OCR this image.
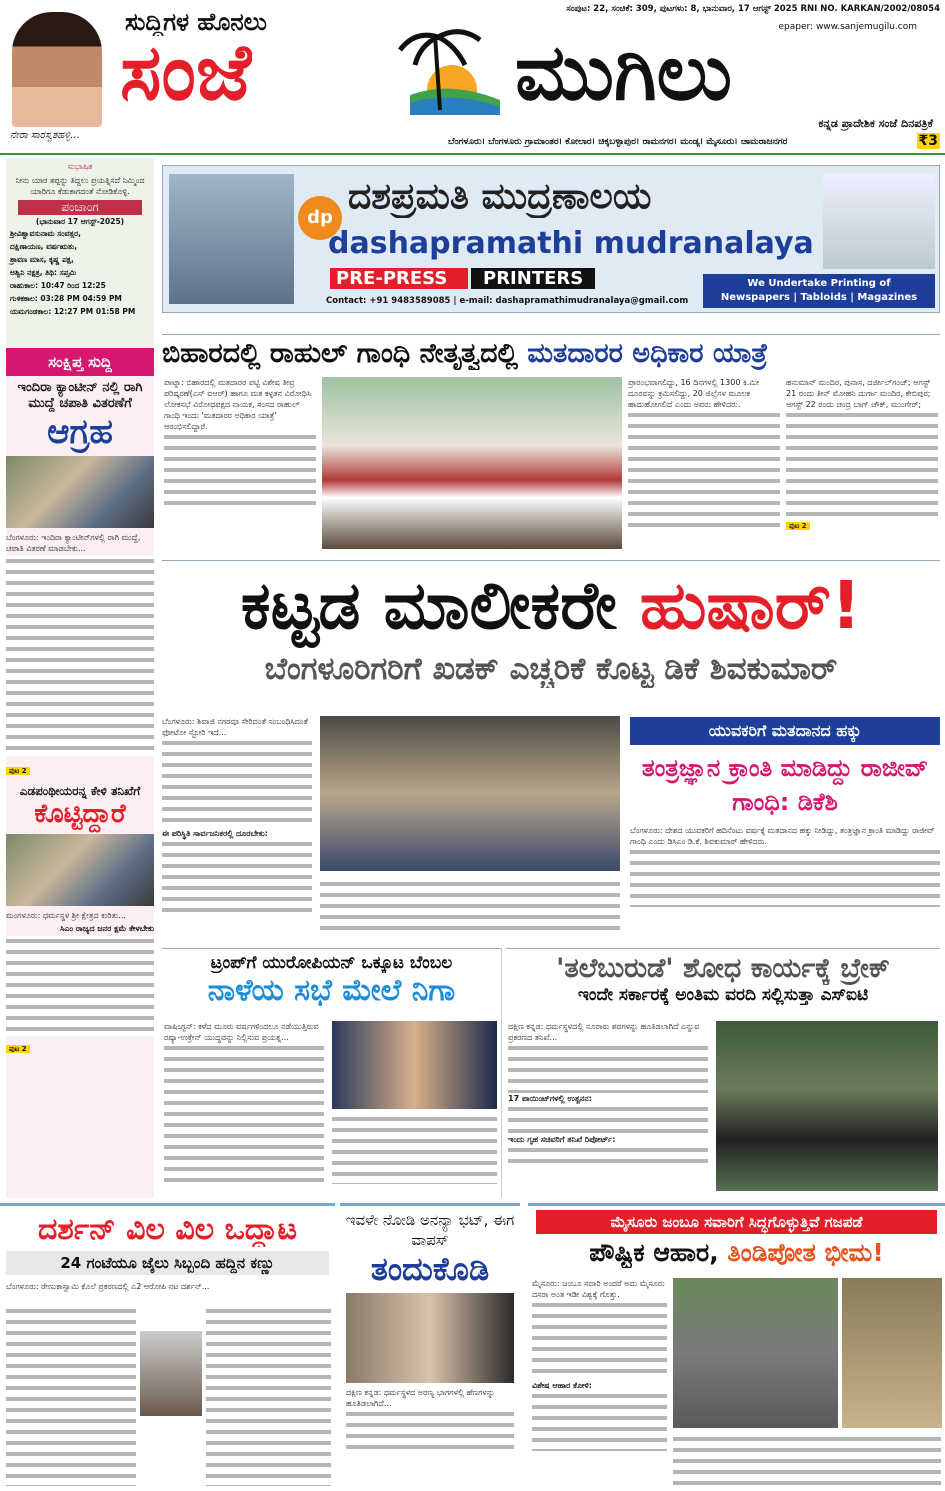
ನೇರಾ ಸಾರಸ್ವತಹಳ್ಳಿ...
ಸುದ್ದಿಗಳ ಹೊನಲು
ಸಂಜೆ	ಮುಗಿಲು
ಸಂಪುಟ: 22, ಸಂಚಿಕೆ: 309, ಪುಟಗಳು: 8, ಭಾನುವಾರ, 17 ಆಗಸ್ಟ್ 2025 RNI NO. KARKAN/2002/08054
epaper: www.sanjemugilu.com
ಕನ್ನಡ ಪ್ರಾದೇಶಿಕ ಸಂಜೆ ದಿನಪತ್ರಿಕೆ
ಬೆಂಗಳೂರು। ಬೆಂಗಳೂರು ಗ್ರಾಮಾಂತರ। ಕೋಲಾರ। ಚಿಕ್ಕಬಳ್ಳಾಪುರ। ರಾಮನಗರ। ಮಂಡ್ಯ। ಮೈಸೂರು। ಚಾಮರಾಜನಗರ	₹3
ಸುಭಾಷಿತ
ನೀನು ಯಾರ ತಪ್ಪನ್ನು ತಿದ್ದಲು ಪ್ರಯತ್ನಿಸದೆ ನಿಮ್ಮಿಂದ ಯಾರಿಗೂ ಕೆಡುಕಾಗದಂತೆ ನೋಡಿಕೊಳ್ಳಿ.
ಪಂಚಾಂಗ
(ಭಾನುವಾರ 17 ಆಗಸ್ಟ್-2025)
ಶ್ರೀವಿಶ್ವಾವಸುನಾಮ ಸಂವತ್ಸರ,
ದಕ್ಷಿಣಾಯಣ, ವರ್ಷಋತು,
ಶ್ರಾವಣ ಮಾಸ, ಕೃಷ್ಣ ಪಕ್ಷ,
ಅಶ್ವಿನಿ ನಕ್ಷತ್ರ, ತಿಥಿ: ಸಪ್ತಮಿ
ರಾಹುಕಾಲ: 10:47 ರಿಂದ 12:25
ಗುಳಿಕಕಾಲ: 03:28 PM 04:59 PM
ಯಮಗಂಡಕಾಲ: 12:27 PM 01:58 PM
ಸಂಕ್ಷಿಪ್ತ ಸುದ್ದಿ
ಇಂದಿರಾ ಕ್ಯಾಂಟೀನ್ ನಲ್ಲಿ ರಾಗಿ ಮುದ್ದೆ ಚಪಾತಿ ವಿತರಣೆಗೆ
ಆಗ್ರಹ
ಬೆಂಗಳೂರು: ಇಂದಿರಾ ಕ್ಯಾಂಟೀನ್‌ಗಳಲ್ಲಿ ರಾಗಿ ಮುದ್ದೆ, ಚಪಾತಿ ವಿತರಣೆ ಮಾಡಬೇಕು...
ಪುಟ 2
ಎಡಪಂಥೀಯರನ್ನ ಕೇಳಿ ತನಿಖೆಗೆ
ಕೊಟ್ಟಿದ್ದಾರೆ
ಮಂಗಳೂರು: ಧರ್ಮಸ್ಥಳ ಶ್ರೀ ಕ್ಷೇತ್ರದ ಕುರಿತು...
ಸಿಎಂ ರಾಜ್ಯದ ಜನರ ಕ್ಷಮೆ ಕೇಳಬೇಕು
ಪುಟ 2
dp
ದಶಪ್ರಮತಿ ಮುದ್ರಣಾಲಯ
dashapramathi mudranalaya
PRE-PRESS	PRINTERS
Contact: +91 9483589085 | e-mail: dashapramathimudranalaya@gmail.com
We Undertake Printing of
Newspapers | Tabloids | Magazines
ಬಿಹಾರದಲ್ಲಿ ರಾಹುಲ್ ಗಾಂಧಿ ನೇತೃತ್ವದಲ್ಲಿ ಮತದಾರರ ಅಧಿಕಾರ ಯಾತ್ರೆ
ಪಾಟ್ನಾ: ಬಿಹಾರದಲ್ಲಿ ಮತದಾರರ ಪಟ್ಟಿ ವಿಶೇಷ ತೀವ್ರ ಪರಿಷ್ಕರಣೆ(ಎಸ್ ಐಆರ್) ಹಾಗೂ ಮತ ಕಳ್ಳತನ ವಿರೋಧಿಸಿ ಲೋಕಸಭೆ ವಿರೋಧಪಕ್ಷದ ನಾಯಕ, ಸಂಸದ ರಾಹುಲ್ ಗಾಂಧಿ ಇಂದು 'ಮತದಾರರ ಅಧಿಕಾರ ಯಾತ್ರೆ' ಆರಂಭಿಸಲಿದ್ದಾರೆ.
ಪ್ರಾರಂಭವಾಗಲಿದ್ದು, 16 ದಿನಗಳಲ್ಲಿ 1300 ಕಿ.ಮೀ ದೂರವನ್ನು ಕ್ರಮಿಸಲಿದ್ದು, 20 ಜಿಲ್ಲೆಗಳ ಮೂಲಕ ಹಾದುಹೋಗಲಿದೆ ಎಂದು ಅವರು ಹೇಳಿದರು.
ಹನುಮಾನ್ ಮಂದಿರ, ಪುನಾಸ, ದರ್ಜೀಲ್‌ಗಂಜ್; ಆಗಸ್ಟ್ 21 ರಂದು ತೀನ್ ಮೋಹನಿ ದುರ್ಗಾ ಮಂದಿರ, ಕೇಬಿಪುರ; ಆಗಸ್ಟ್ 22 ರಂದು ಚಂದ್ರ ಬಾಗ್ ಚೌಕ್, ಮುಂಗೇರ್;
ಪುಟ 2
ಕಟ್ಟಡ ಮಾಲೀಕರೇ ಹುಷಾರ್!
ಬೆಂಗಳೂರಿಗರಿಗೆ ಖಡಕ್ ಎಚ್ಚರಿಕೆ ಕೊಟ್ಟ ಡಿಕೆ ಶಿವಕುಮಾರ್
ಬೆಂಗಳೂರು: ಶಿವಾಜಿ ನಗರವೂ ಸೇರಿದಂತೆ ಸಂಬಂಧಿಸಿದಂತೆ ಫೋಟೋ ಸ್ಟೋರಿ ಇದೆ...
ಈ ಪರಿಸ್ಥಿತಿ ಸಾರ್ವಜನಿಕರಲ್ಲಿ ದೂರಬೇಕು:
ಯುವಕರಿಗೆ ಮತದಾನದ ಹಕ್ಕು
ತಂತ್ರಜ್ಞಾನ ಕ್ರಾಂತಿ ಮಾಡಿದ್ದು ರಾಜೀವ್ ಗಾಂಧಿ: ಡಿಕೆಶಿ
ಬೆಂಗಳೂರು: ದೇಶದ ಯುವಕರಿಗೆ ಹದಿನೆಂಟು ವರ್ಷಕ್ಕೆ ಮತದಾನದ ಹಕ್ಕು ನೀಡಿದ್ದು, ತಂತ್ರಜ್ಞಾನ ಕ್ರಾಂತಿ ಮಾಡಿದ್ದು ರಾಜೀವ್ ಗಾಂಧಿ ಎಂದು ಡಿಸಿಎಂ ಡಿ.ಕೆ. ಶಿವಕುಮಾರ್ ಹೇಳಿದರು.
ಟ್ರಂಪ್‌ಗೆ ಯುರೋಪಿಯನ್ ಒಕ್ಕೂಟ ಬೆಂಬಲ
ನಾಳೆಯ ಸಭೆ ಮೇಲೆ ನಿಗಾ
ವಾಷಿಂಗ್ಟನ್: ಕಳೆದ ಮೂರು ವರ್ಷಗಳಿಂದಲೂ ನಡೆಯುತ್ತಿರುವ ರಷ್ಯಾ-ಉಕ್ರೇನ್ ಯುದ್ಧವನ್ನು ನಿಲ್ಲಿಸುವ ಪ್ರಯತ್ನ...
'ತಲೆಬುರುಡೆ' ಶೋಧ ಕಾರ್ಯಕ್ಕೆ ಬ್ರೇಕ್
ಇಂದೇ ಸರ್ಕಾರಕ್ಕೆ ಅಂತಿಮ ವರದಿ ಸಲ್ಲಿಸುತ್ತಾ ಎಸ್‌ಐಟಿ
ದಕ್ಷಿಣ ಕನ್ನಡ: ಧರ್ಮಸ್ಥಳದಲ್ಲಿ ನೂರಾರು ಶವಗಳನ್ನು ಹೂತಿಡಲಾಗಿದೆ ಎನ್ನುವ ಪ್ರಕರಣದ ತನಿಖೆ...
17 ಪಾಯಿಂಟ್‌ಗಳಲ್ಲಿ ಉತ್ಖನನ:
ಇಂದು ಗೃಹ ಸಚಿವರಿಗೆ ತನಿಖೆ ರಿಪೋರ್ಟ್:
ದರ್ಶನ್ ವಿಲ ವಿಲ ಒದ್ದಾಟ
24 ಗಂಟೆಯೂ ಜೈಲು ಸಿಬ್ಬಂದಿ ಹದ್ದಿನ ಕಣ್ಣು
ಬೆಂಗಳೂರು: ರೇಣುಕಾಸ್ವಾಮಿ ಕೊಲೆ ಪ್ರಕರಣದಲ್ಲಿ ಎ2 ಆರೋಪಿ ನಟ ದರ್ಶನ್...
ಇವಳೇ ನೋಡಿ ಅನನ್ಯಾ ಭಟ್, ಈಗ ವಾಪಸ್
ತಂದುಕೊಡಿ
ದಕ್ಷಿಣ ಕನ್ನಡ: ಧರ್ಮಸ್ಥಳದ ಅರಣ್ಯ ಭಾಗಗಳಲ್ಲಿ ಹೆಣಗಳನ್ನು ಹೂತಿಡಲಾಗಿದೆ...
ಮೈಸೂರು ಜಂಬೂ ಸವಾರಿಗೆ ಸಿದ್ಧಗೊಳ್ಳುತ್ತಿವೆ ಗಜಪಡೆ
ಪೌಷ್ಟಿಕ ಆಹಾರ, ತಿಂಡಿಪೋತ ಭೀಮ!
ಮೈಸೂರು: ಜಂಬೂ ಸವಾರಿ ಅಂದರೆ ಅದು ಮೈಸೂರು ದಸರಾ ಅಂತ ಇಡೀ ವಿಶ್ವಕ್ಕೆ ಗೊತ್ತು.
ವಿಶೇಷ ಆಹಾರ ಕೋಳಿ:
